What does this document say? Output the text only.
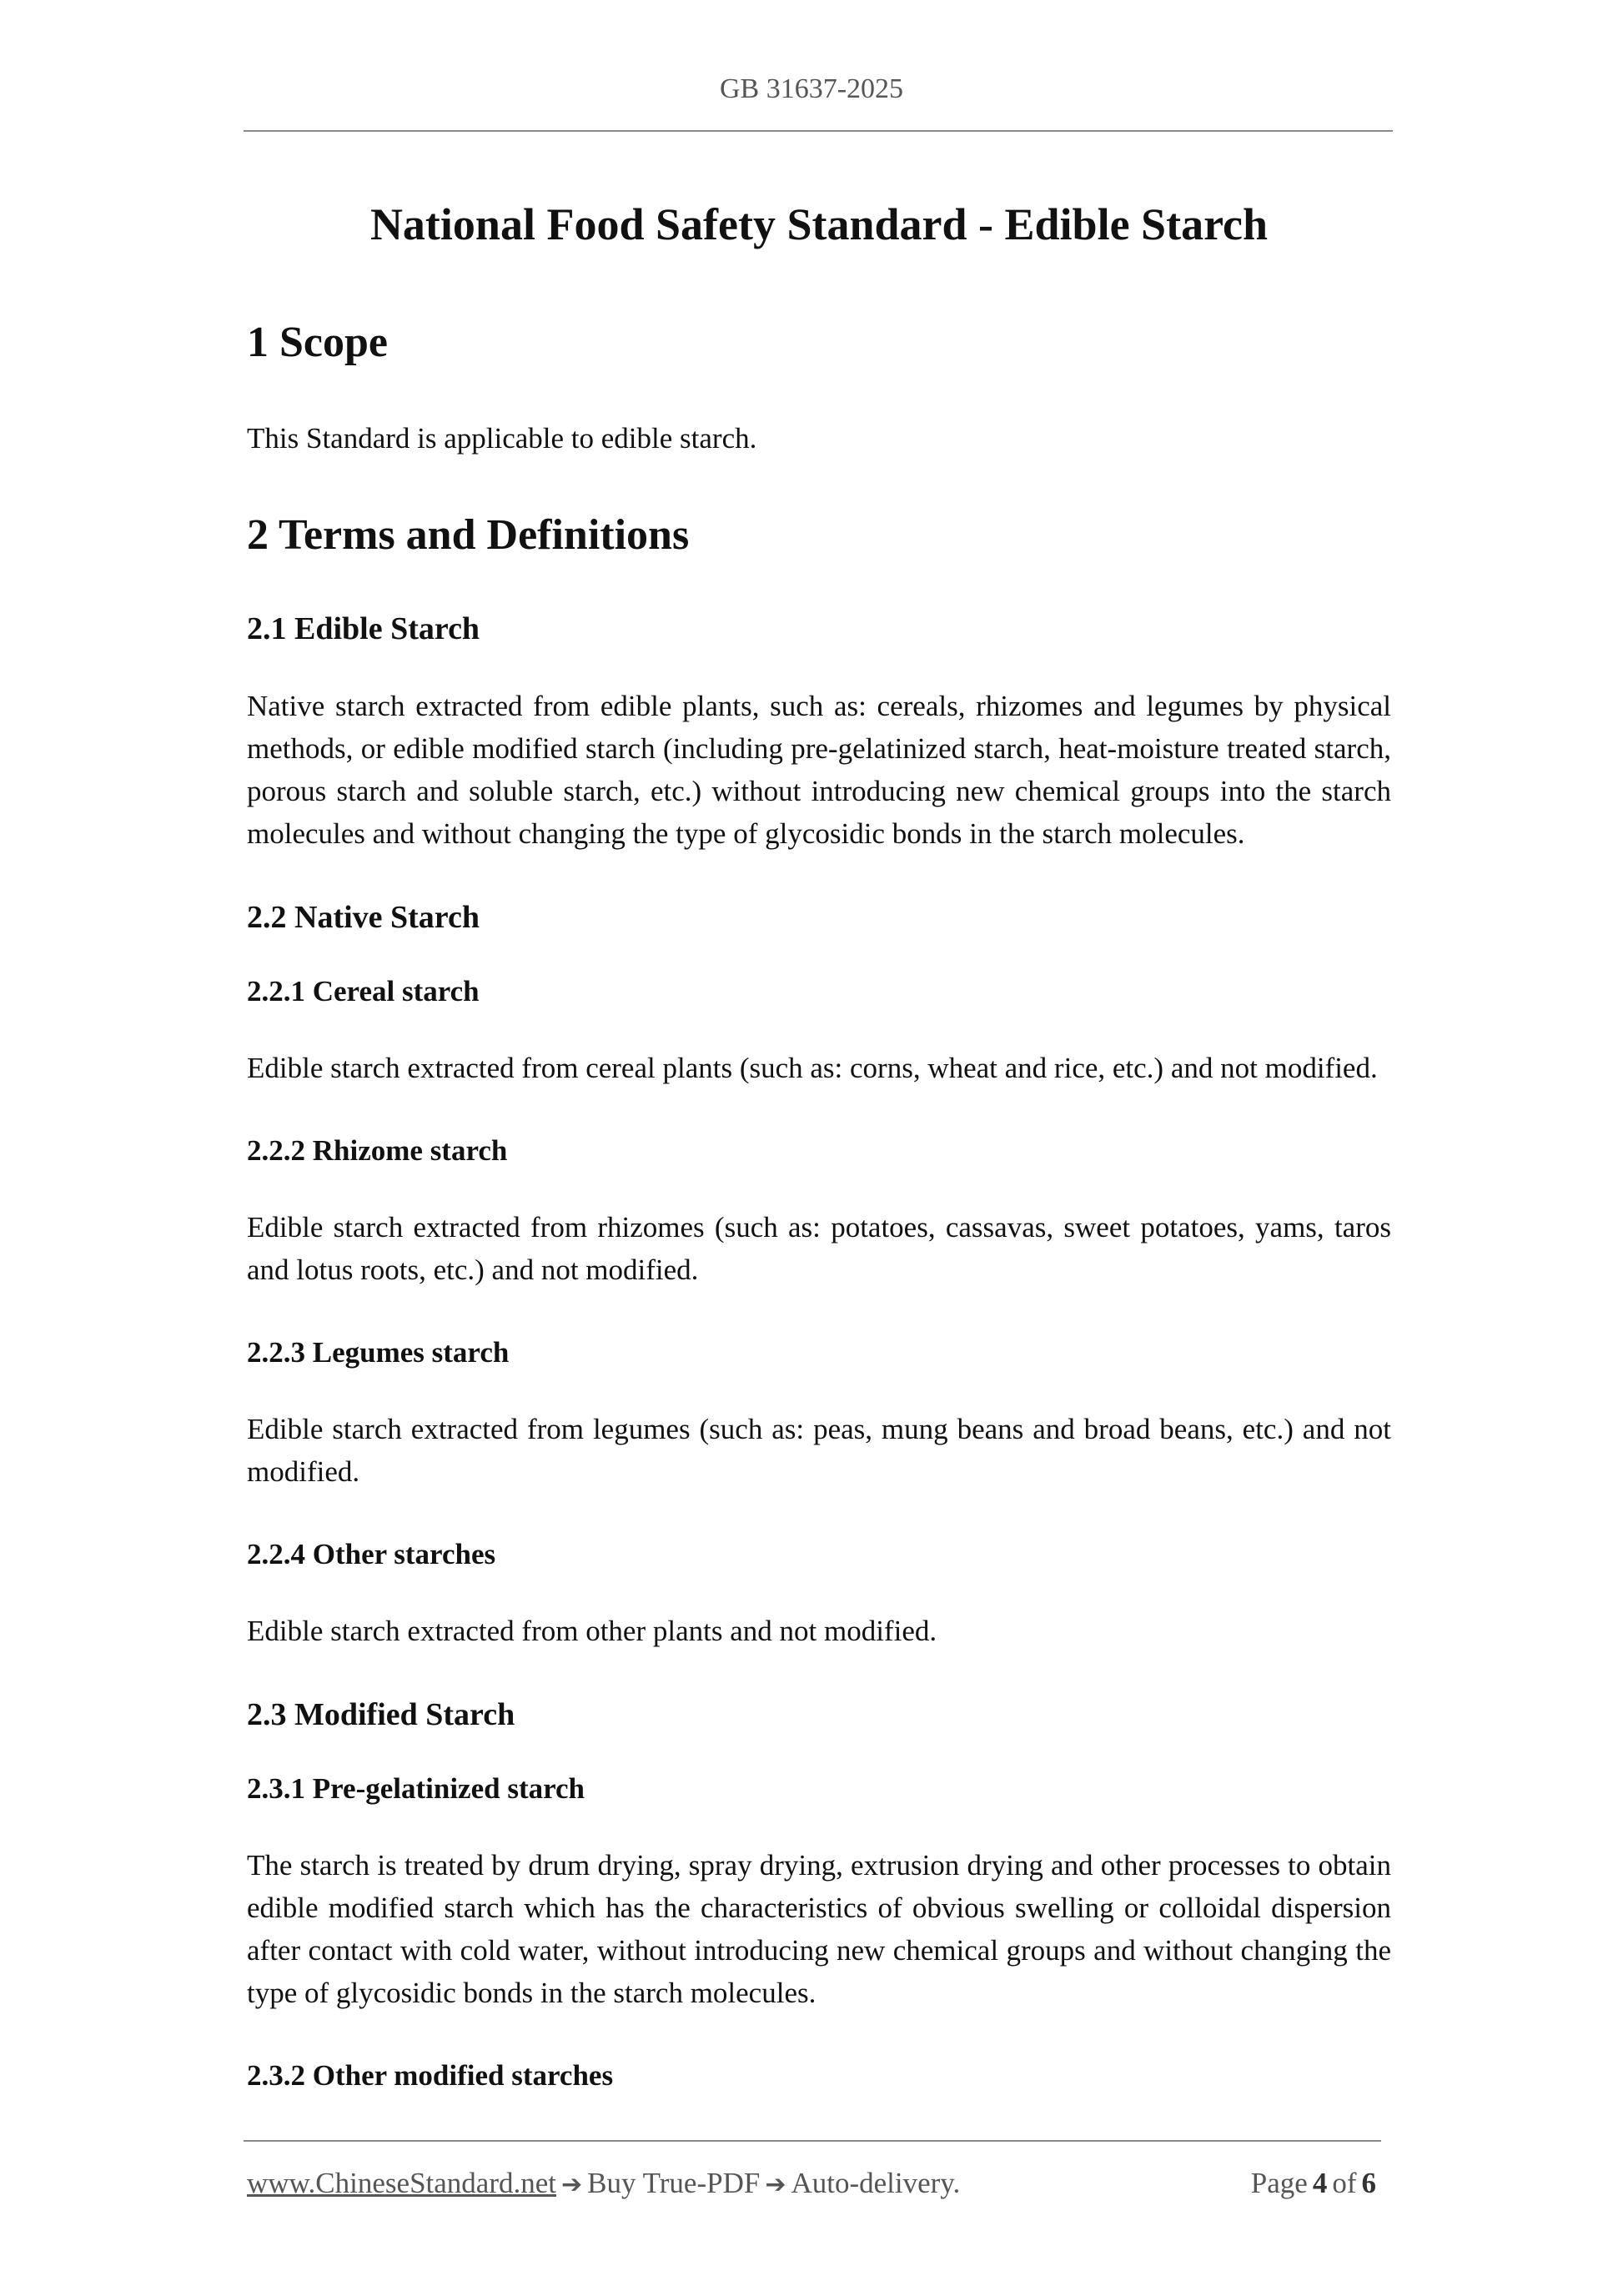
GB 31637-2025
National Food Safety Standard - Edible Starch
1 Scope

This Standard is applicable to edible starch.

2 Terms and Definitions
2.1 Edible Starch

Native starch extracted from edible plants, such as: cereals, rhizomes and legumes by physical methods, or edible modified starch (including pre-gelatinized starch, heat-moisture treated starch, porous starch and soluble starch, etc.) without introducing new chemical groups into the starch molecules and without changing the type of glycosidic bonds in the starch molecules.

2.2 Native Starch
2.2.1 Cereal starch

Edible starch extracted from cereal plants (such as: corns, wheat and rice, etc.) and not modified.

2.2.2 Rhizome starch

Edible starch extracted from rhizomes (such as: potatoes, cassavas, sweet potatoes, yams, taros and lotus roots, etc.) and not modified.

2.2.3 Legumes starch

Edible starch extracted from legumes (such as: peas, mung beans and broad beans, etc.) and not modified.

2.2.4 Other starches

Edible starch extracted from other plants and not modified.

2.3 Modified Starch
2.3.1 Pre-gelatinized starch

The starch is treated by drum drying, spray drying, extrusion drying and other processes to obtain edible modified starch which has the characteristics of obvious swelling or colloidal dispersion after contact with cold water, without introducing new chemical groups and without changing the type of glycosidic bonds in the starch molecules.

2.3.2 Other modified starches
www.ChineseStandard.net ➔ Buy True-PDF ➔ Auto-delivery.	Page 4 of 6
